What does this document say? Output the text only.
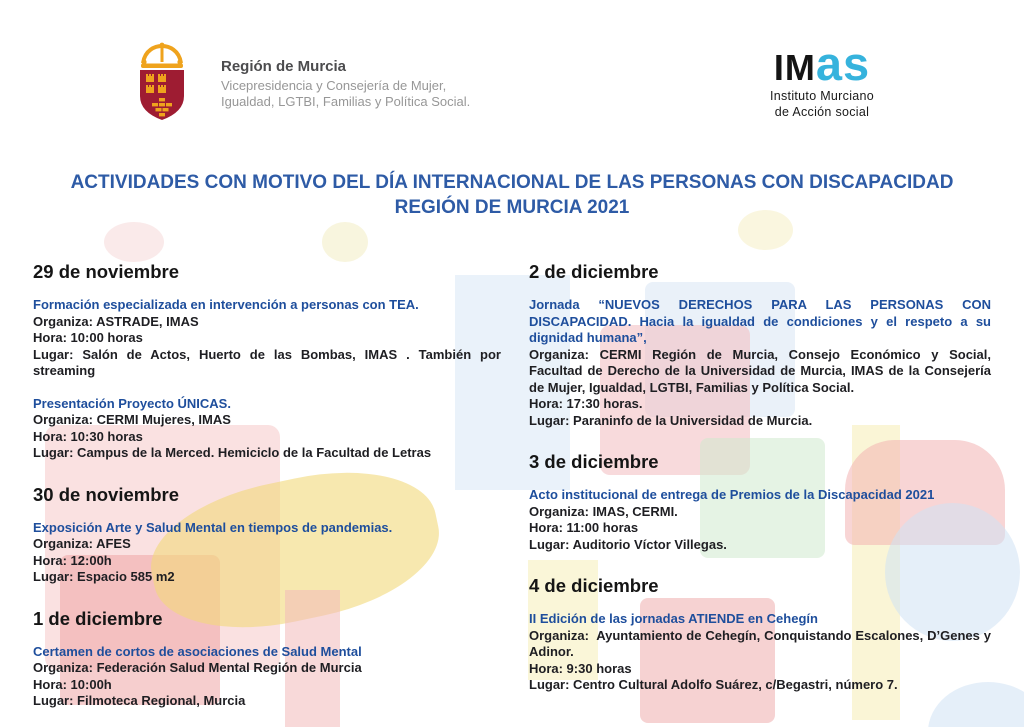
Región de Murcia

Vicepresidencia y Consejería de Mujer,

Igualdad, LGTBI, Familias y Política Social.

IMas

Instituto Murciano

de Acción social

ACTIVIDADES CON MOTIVO DEL DÍA INTERNACIONAL DE LAS PERSONAS CON DISCAPACIDAD

REGIÓN DE MURCIA 2021

29 de noviembre

Formación especializada en intervención a personas con TEA.

Organiza: ASTRADE, IMAS

Hora: 10:00 horas

Lugar: Salón de Actos, Huerto de las Bombas, IMAS . También por streaming

Presentación Proyecto ÚNICAS.

Organiza: CERMI Mujeres, IMAS

Hora: 10:30 horas

Lugar: Campus de la Merced. Hemiciclo de la Facultad de Letras

30 de noviembre

Exposición Arte y Salud Mental en tiempos de pandemias.

Organiza: AFES

Hora: 12:00h

Lugar: Espacio 585 m2

1 de diciembre

Certamen de cortos de asociaciones de Salud Mental

Organiza: Federación Salud Mental Región de Murcia

Hora: 10:00h

Lugar: Filmoteca Regional, Murcia

2 de diciembre

Jornada “NUEVOS DERECHOS PARA LAS PERSONAS CON DISCAPACIDAD. Hacia la igualdad de condiciones y el respeto a su dignidad humana”,

Organiza: CERMI Región de Murcia, Consejo Económico y Social, Facultad de Derecho de la Universidad de Murcia, IMAS de la Consejería de Mujer, Igualdad, LGTBI, Familias y Política Social.

Hora: 17:30 horas.

Lugar: Paraninfo de la Universidad de Murcia.

3 de diciembre

Acto institucional de entrega de Premios de la Discapacidad 2021

Organiza: IMAS, CERMI.

Hora: 11:00 horas

Lugar: Auditorio Víctor Villegas.

4 de diciembre

II Edición de las jornadas ATIENDE en Cehegín

Organiza:  Ayuntamiento de Cehegín, Conquistando Escalones, D’Genes y Adinor.

Hora: 9:30 horas

Lugar: Centro Cultural Adolfo Suárez, c/Begastri, número 7.
